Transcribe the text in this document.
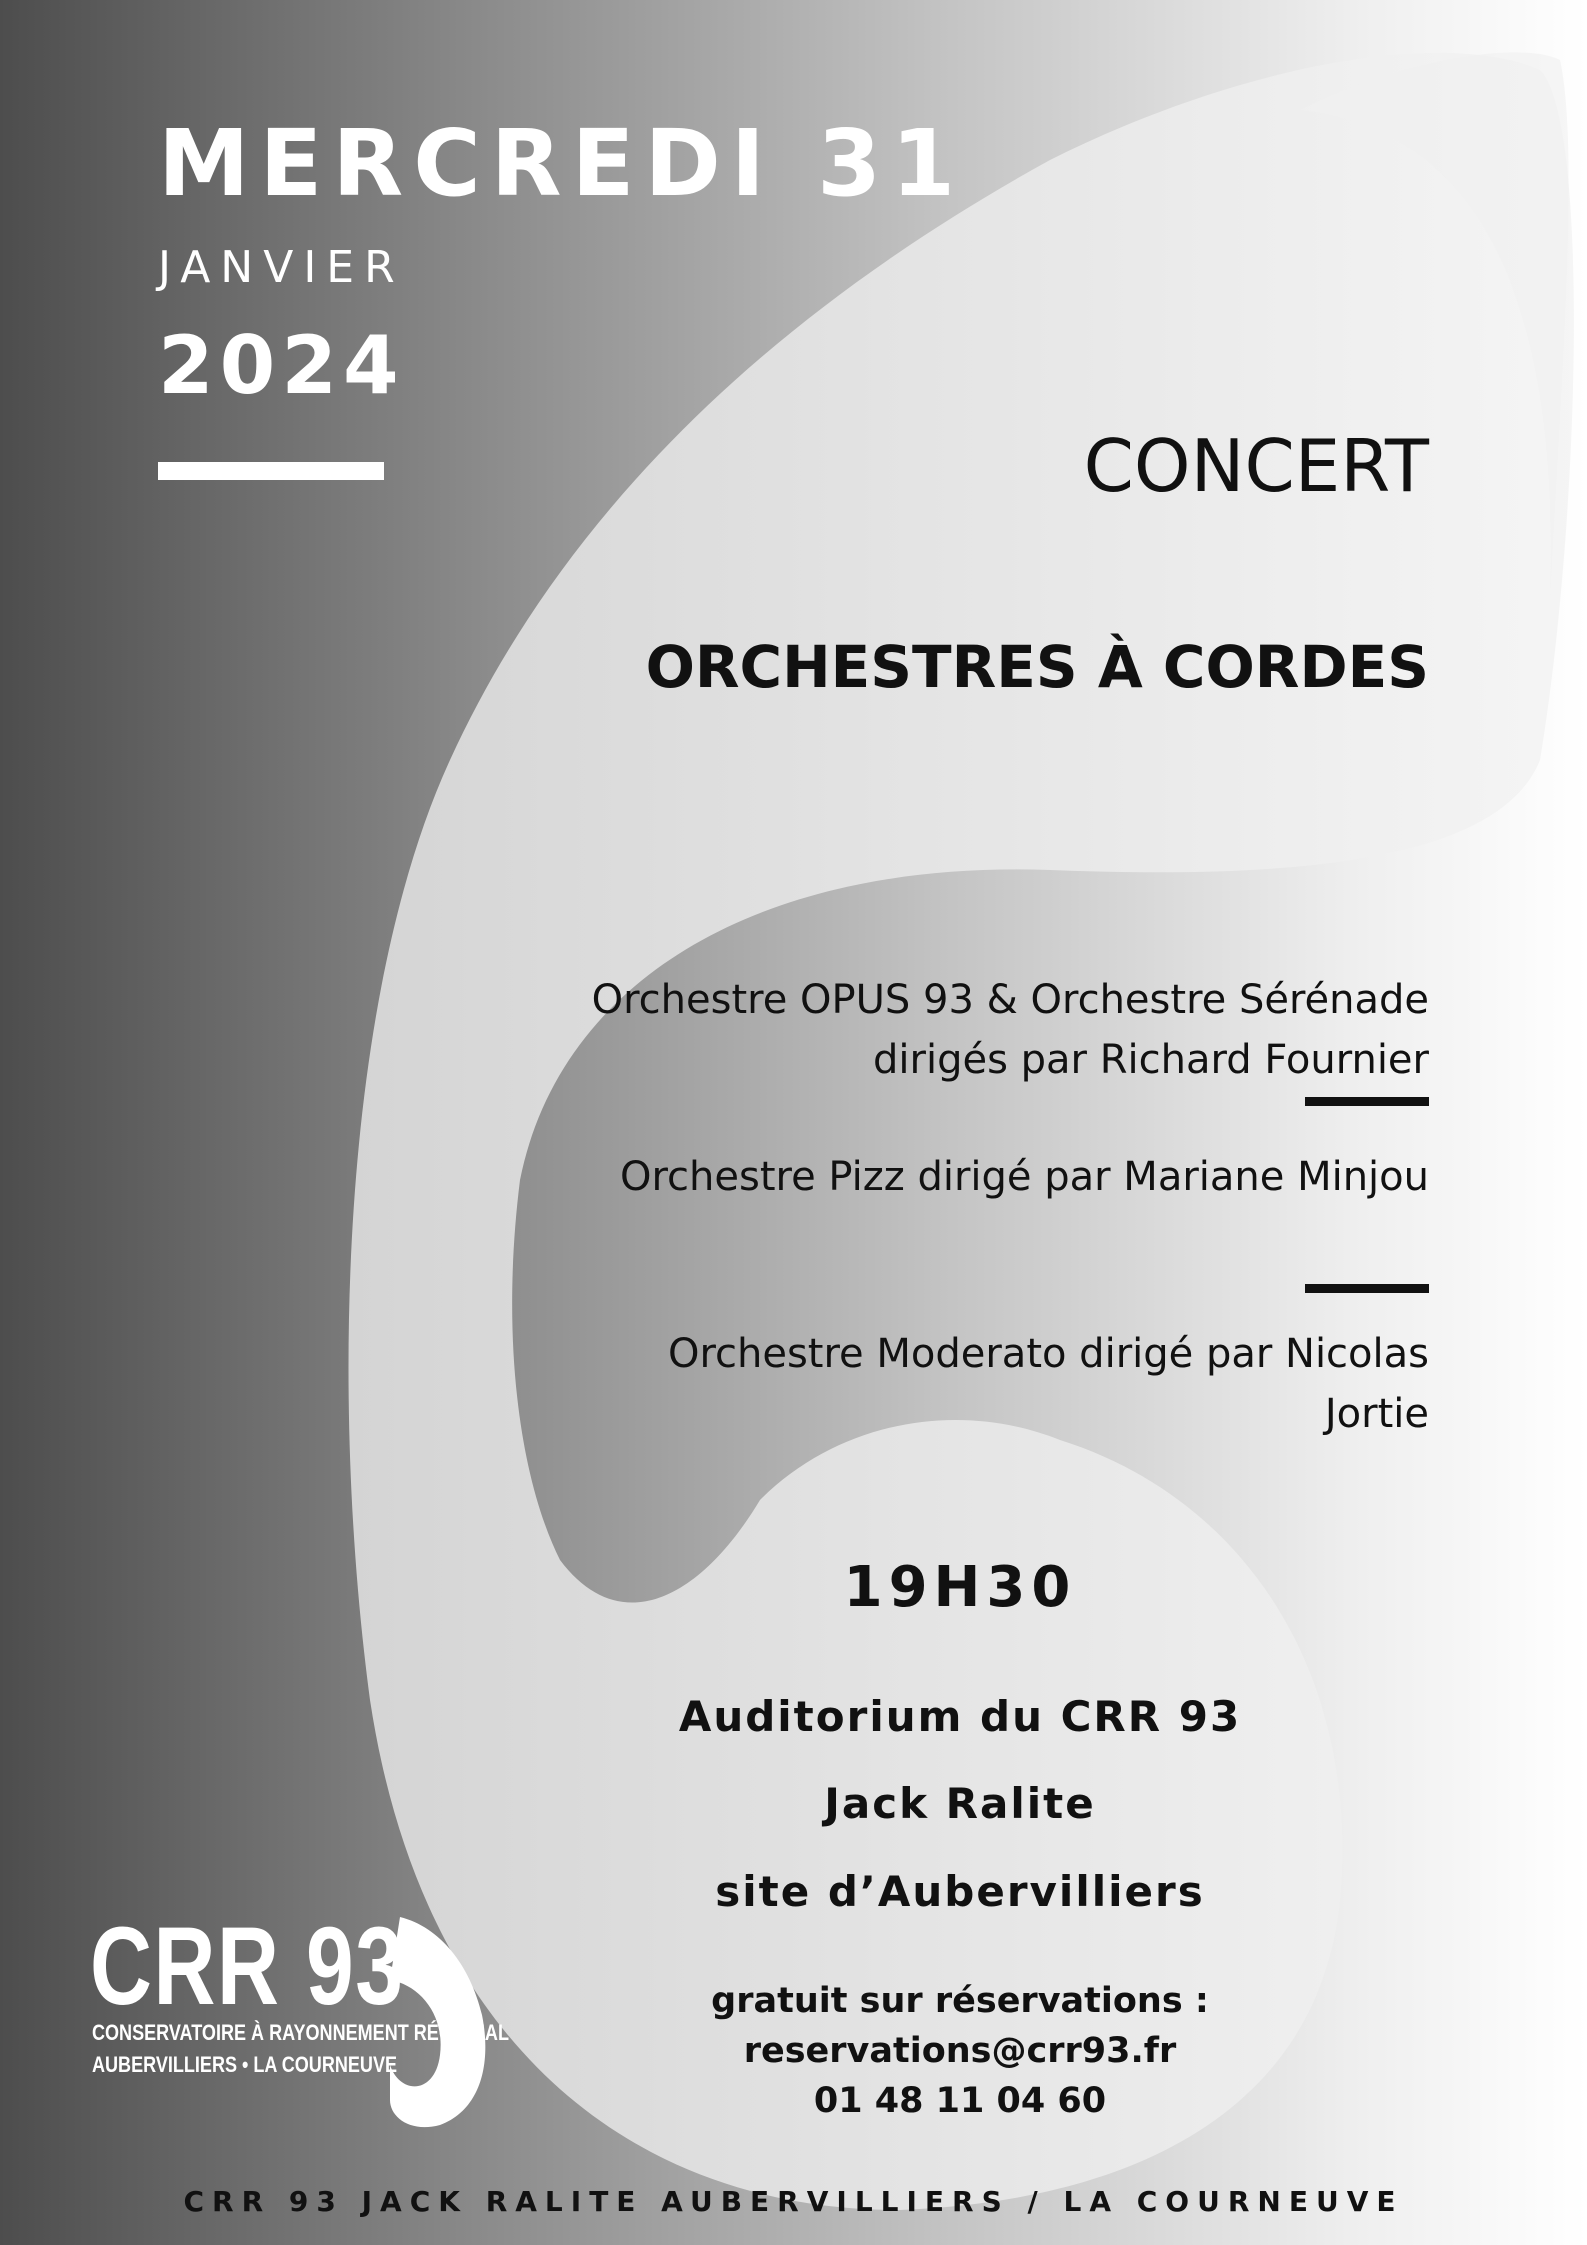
MERCREDI 31
JANVIER
2024
CONCERT
ORCHESTRES À CORDES
Orchestre OPUS 93 & Orchestre Sérénade dirigés par Richard Fournier
Orchestre Pizz dirigé par Mariane Minjou
Orchestre Moderato dirigé par Nicolas Jortie
19H30
Auditorium du CRR 93
Jack Ralite
site d’Aubervilliers
gratuit sur réservations :
reservations@crr93.fr
01 48 11 04 60
CRR 93
CONSERVATOIRE À RAYONNEMENT RÉGIONAL
AUBERVILLIERS • LA COURNEUVE
CRR 93 JACK RALITE AUBERVILLIERS / LA COURNEUVE
